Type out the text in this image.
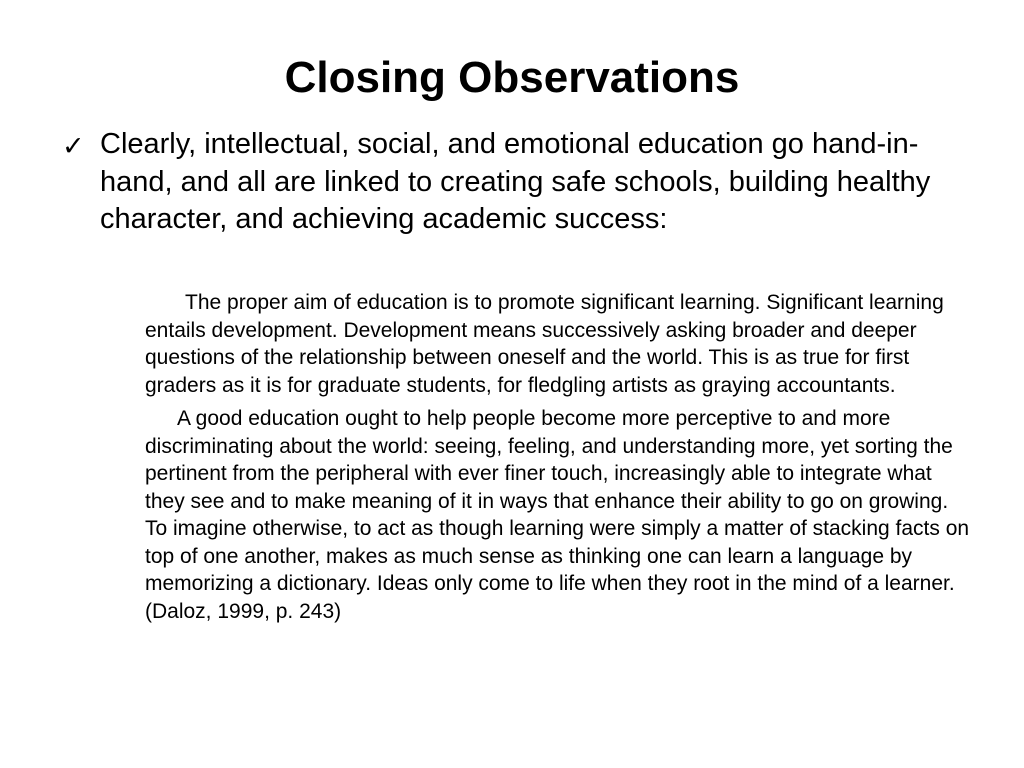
Closing Observations
✓ Clearly, intellectual, social, and emotional education go hand-in-hand, and all are linked to creating safe schools, building healthy character, and achieving academic success:

The proper aim of education is to promote significant learning. Significant learning entails development. Development means successively asking broader and deeper questions of the relationship between oneself and the world. This is as true for first graders as it is for graduate students, for fledgling artists as graying accountants.

A good education ought to help people become more perceptive to and more discriminating about the world: seeing, feeling, and understanding more, yet sorting the pertinent from the peripheral with ever finer touch, increasingly able to integrate what they see and to make meaning of it in ways that enhance their ability to go on growing. To imagine otherwise, to act as though learning were simply a matter of stacking facts on top of one another, makes as much sense as thinking one can learn a language by memorizing a dictionary. Ideas only come to life when they root in the mind of a learner. (Daloz, 1999, p. 243)
